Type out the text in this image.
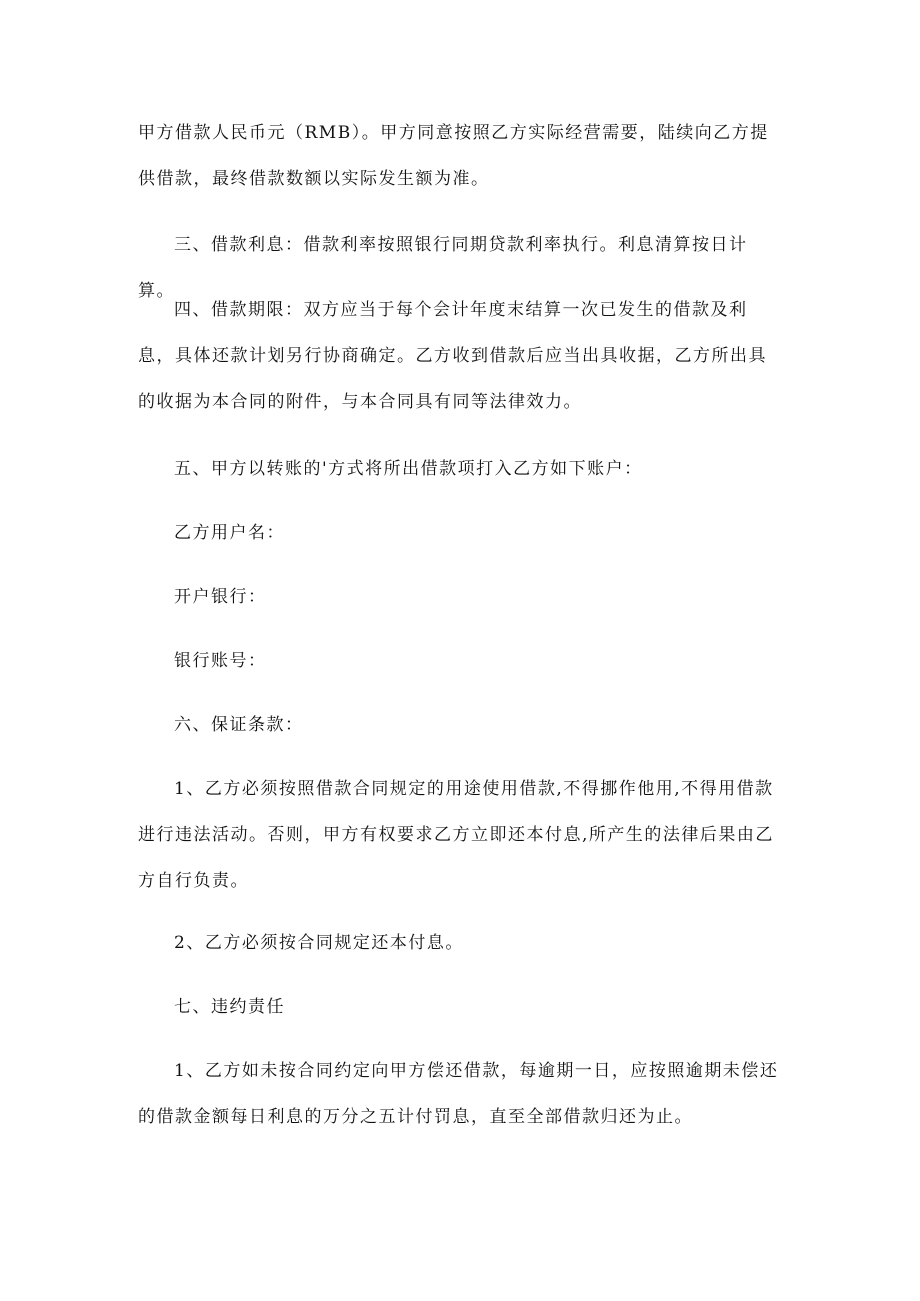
甲方借款人民币元（RMB）。甲方同意按照乙方实际经营需要，陆续向乙方提供借款，最终借款数额以实际发生额为准。

三、借款利息：借款利率按照银行同期贷款利率执行。利息清算按日计算。

四、借款期限：双方应当于每个会计年度末结算一次已发生的借款及利息，具体还款计划另行协商确定。乙方收到借款后应当出具收据，乙方所出具的收据为本合同的附件，与本合同具有同等法律效力。

五、甲方以转账的'方式将所出借款项打入乙方如下账户：

乙方用户名：

开户银行：

银行账号：

六、保证条款：

1、乙方必须按照借款合同规定的用途使用借款,不得挪作他用,不得用借款进行违法活动。否则，甲方有权要求乙方立即还本付息,所产生的法律后果由乙方自行负责。

2、乙方必须按合同规定还本付息。

七、违约责任

1、乙方如未按合同约定向甲方偿还借款，每逾期一日，应按照逾期未偿还的借款金额每日利息的万分之五计付罚息，直至全部借款归还为止。
